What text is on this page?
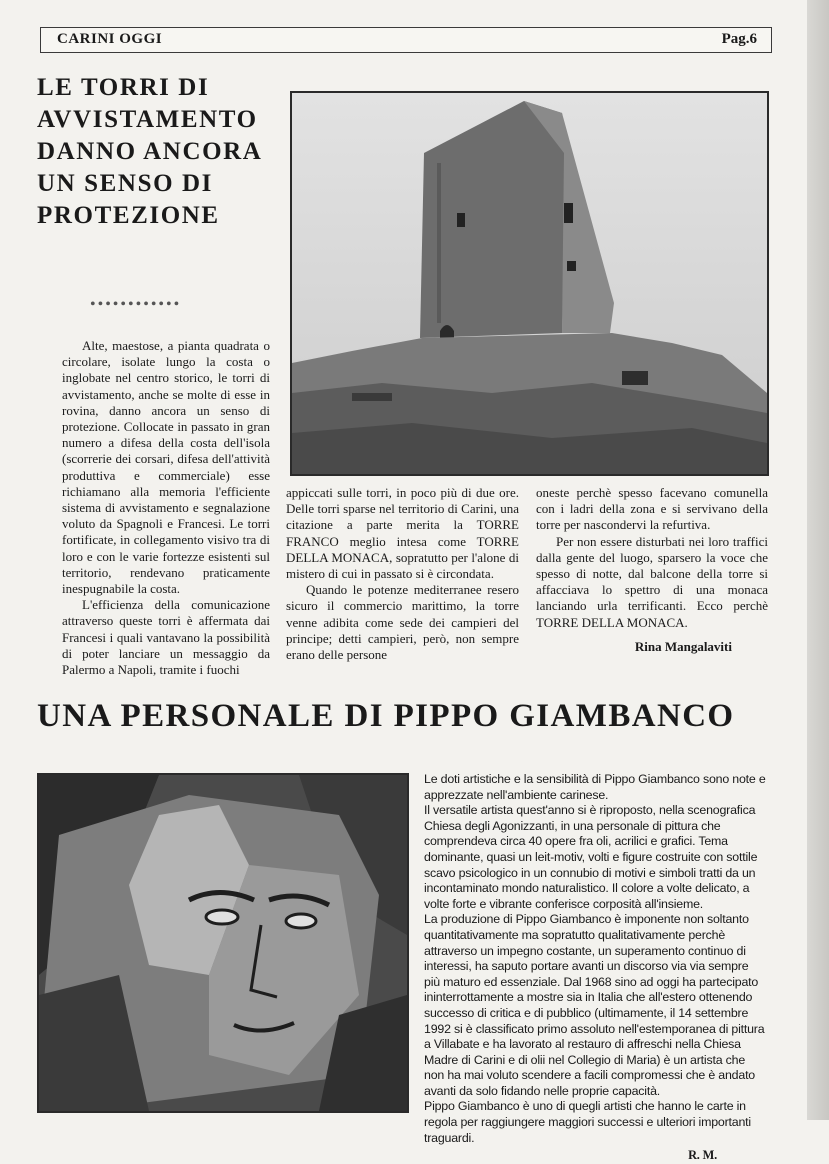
CARINI OGGI	Pag.6
LE TORRI DI AVVISTAMENTO DANNO ANCORA UN SENSO DI PROTEZIONE
••••••••••••

Alte, maestose, a pianta quadrata o circolare, isolate lungo la costa o inglobate nel centro storico, le torri di avvistamento, anche se molte di esse in rovina, danno ancora un senso di protezione. Collocate in passato in gran numero a difesa della costa dell'isola (scorrerie dei corsari, difesa dell'attività produttiva e commerciale) esse richiamano alla memoria l'efficiente sistema di avvistamento e segnalazione voluto da Spagnoli e Francesi. Le torri fortificate, in collegamento visivo tra di loro e con le varie fortezze esistenti sul territorio, rendevano praticamente inespugnabile la costa.

L'efficienza della comunicazione attraverso queste torri è affermata dai Francesi i quali vantavano la possibilità di poter lanciare un messaggio da Palermo a Napoli, tramite i fuochi

appiccati sulle torri, in poco più di due ore. Delle torri sparse nel territorio di Carini, una citazione a parte merita la TORRE FRANCO meglio intesa come TORRE DELLA MONACA, sopratutto per l'alone di mistero di cui in passato si è circondata.

Quando le potenze mediterranee resero sicuro il commercio marittimo, la torre venne adibita come sede dei campieri del principe; detti campieri, però, non sempre erano delle persone

oneste perchè spesso facevano comunella con i ladri della zona e si servivano della torre per nascondervi la refurtiva.

Per non essere disturbati nei loro traffici dalla gente del luogo, sparsero la voce che spesso di notte, dal balcone della torre si affacciava lo spettro di una monaca lanciando urla terrificanti. Ecco perchè TORRE DELLA MONACA.

Rina Mangalaviti

UNA PERSONALE DI PIPPO GIAMBANCO

Le doti artistiche e la sensibilità di Pippo Giambanco sono note e apprezzate nell'ambiente carinese.

Il versatile artista quest'anno si è riproposto, nella scenografica Chiesa degli Agonizzanti, in una personale di pittura che comprendeva circa 40 opere fra oli, acrilici e grafici. Tema dominante, quasi un leit-motiv, volti e figure costruite con sottile scavo psicologico in un connubio di motivi e simboli tratti da un incontaminato mondo naturalistico. Il colore a volte delicato, a volte forte e vibrante conferisce corposità all'insieme.

La produzione di Pippo Giambanco è imponente non soltanto quantitativamente ma sopratutto qualitativamente perchè attraverso un impegno costante, un superamento continuo di interessi, ha saputo portare avanti un discorso via via sempre più maturo ed essenziale. Dal 1968 sino ad oggi ha partecipato ininterrottamente a mostre sia in Italia che all'estero ottenendo successo di critica e di pubblico (ultimamente, il 14 settembre 1992 si è classificato primo assoluto nell'estemporanea di pittura a Villabate e ha lavorato al restauro di affreschi nella Chiesa Madre di Carini e di olii nel Collegio di Maria) è un artista che non ha mai voluto scendere a facili compromessi che è andato avanti da solo fidando nelle proprie capacità.

Pippo Giambanco è uno di quegli artisti che hanno le carte in regola per raggiungere maggiori successi e ulteriori importanti traguardi.

R. M.
